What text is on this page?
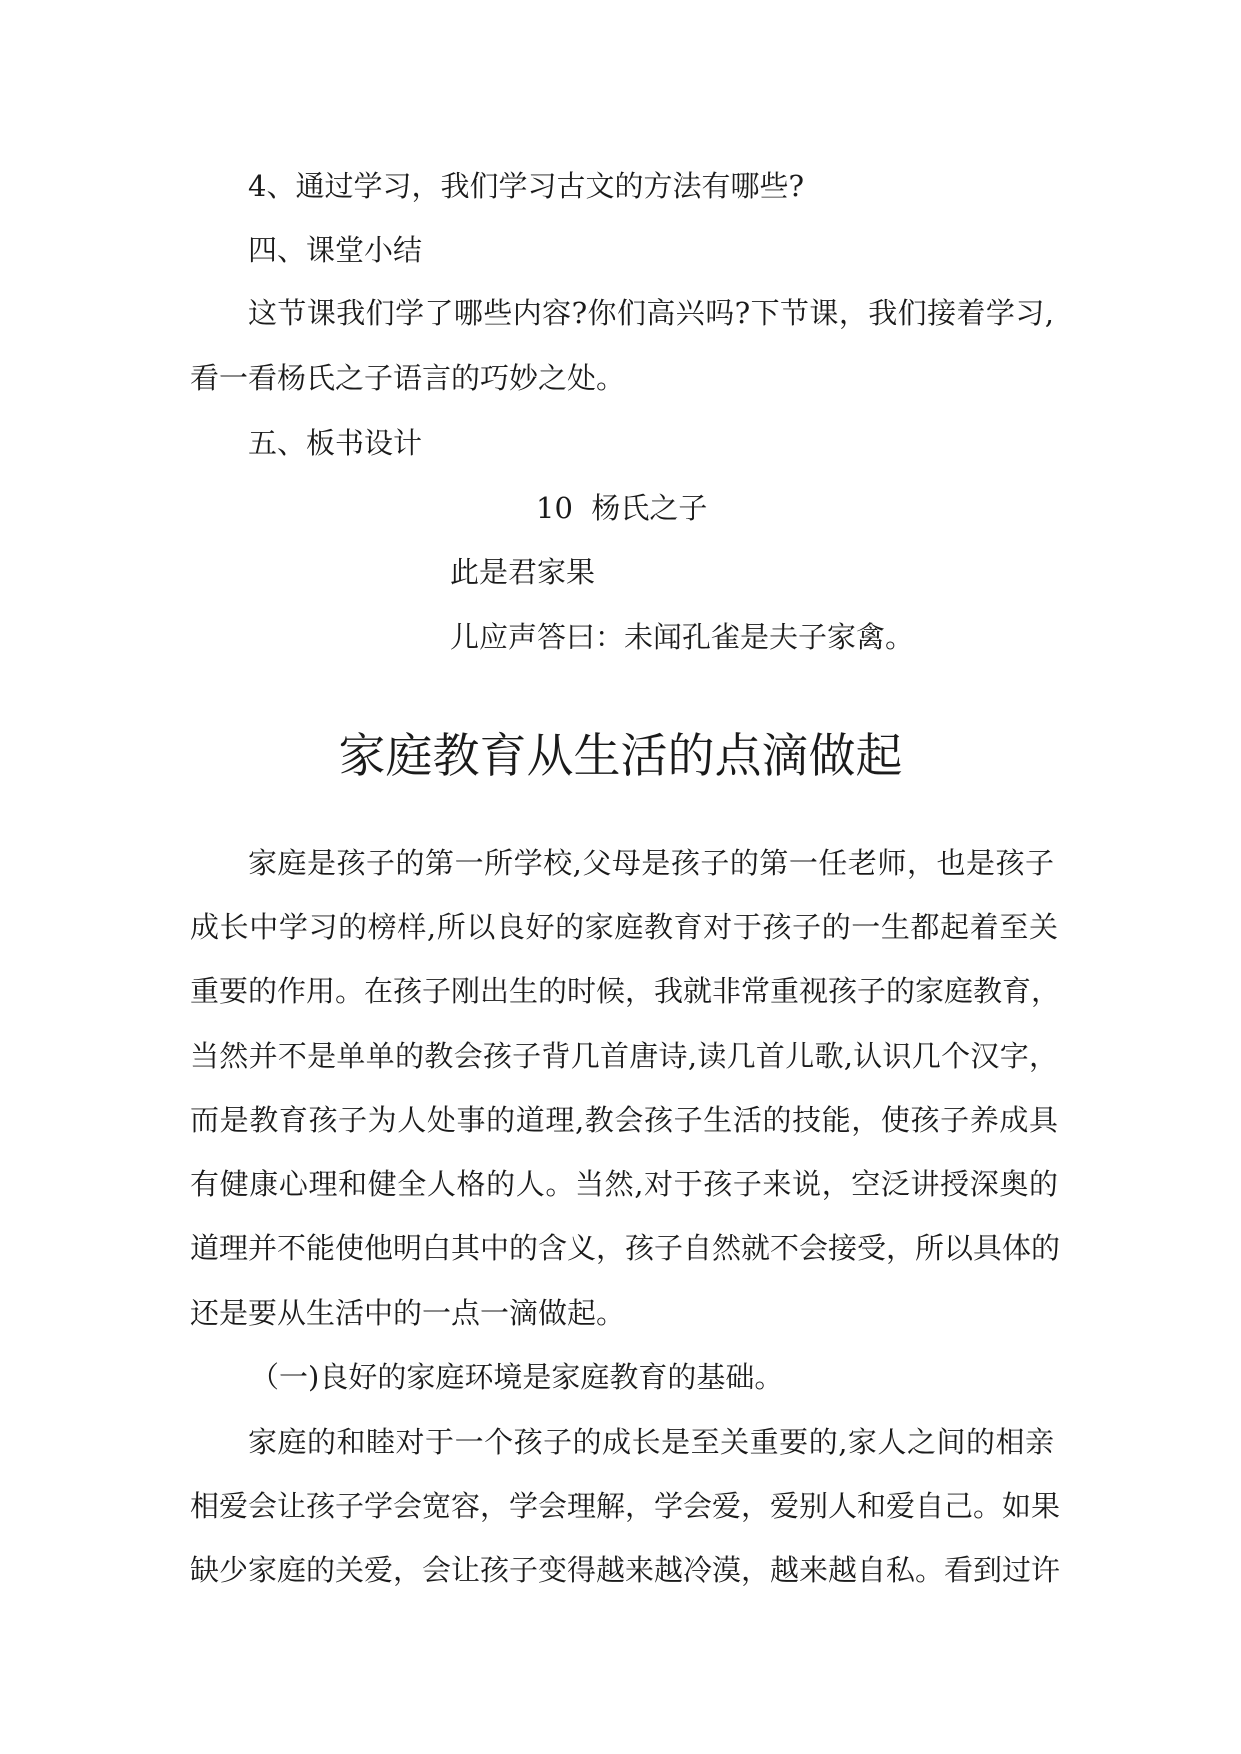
4、通过学习，我们学习古文的方法有哪些?
四、课堂小结
这节课我们学了哪些内容?你们高兴吗?下节课，我们接着学习,
看一看杨氏之子语言的巧妙之处。
五、板书设计
10  杨氏之子
此是君家果
儿应声答曰：未闻孔雀是夫子家禽。
家庭教育从生活的点滴做起
家庭是孩子的第一所学校,父母是孩子的第一任老师，也是孩子
成长中学习的榜样,所以良好的家庭教育对于孩子的一生都起着至关
重要的作用。在孩子刚出生的时候，我就非常重视孩子的家庭教育，
当然并不是单单的教会孩子背几首唐诗,读几首儿歌,认识几个汉字，
而是教育孩子为人处事的道理,教会孩子生活的技能，使孩子养成具
有健康心理和健全人格的人。当然,对于孩子来说，空泛讲授深奥的
道理并不能使他明白其中的含义，孩子自然就不会接受，所以具体的
还是要从生活中的一点一滴做起。
（一)良好的家庭环境是家庭教育的基础。
家庭的和睦对于一个孩子的成长是至关重要的,家人之间的相亲
相爱会让孩子学会宽容，学会理解，学会爱，爱别人和爱自己。如果
缺少家庭的关爱，会让孩子变得越来越冷漠，越来越自私。看到过许
